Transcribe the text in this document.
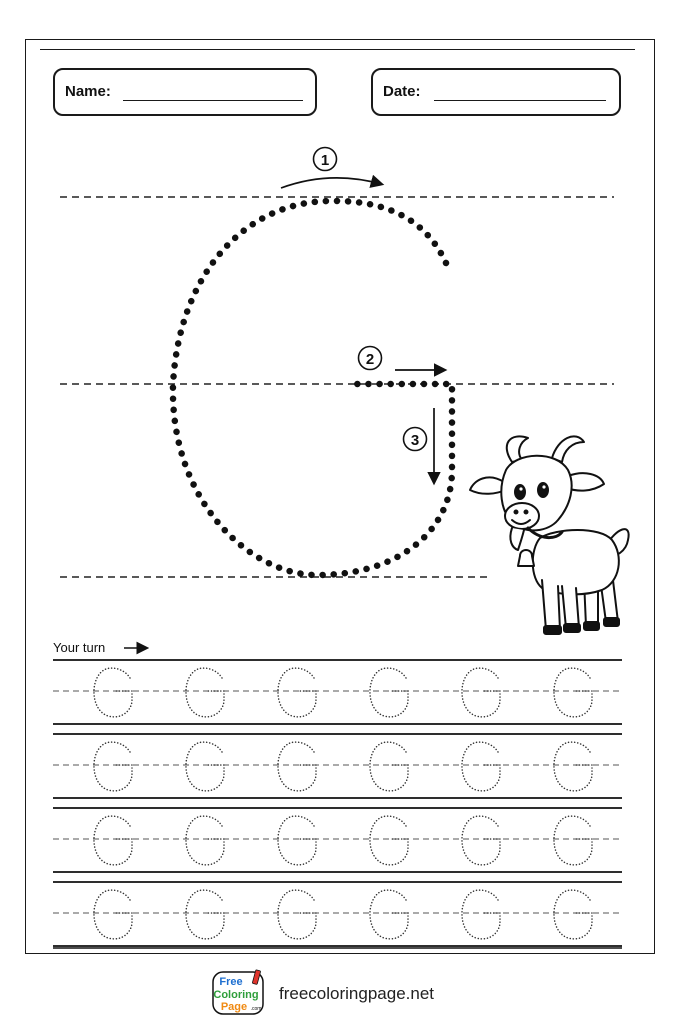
Name:	Date:
1
2
3
Your turn
Free
Coloring
Page .com
freecoloringpage.net
